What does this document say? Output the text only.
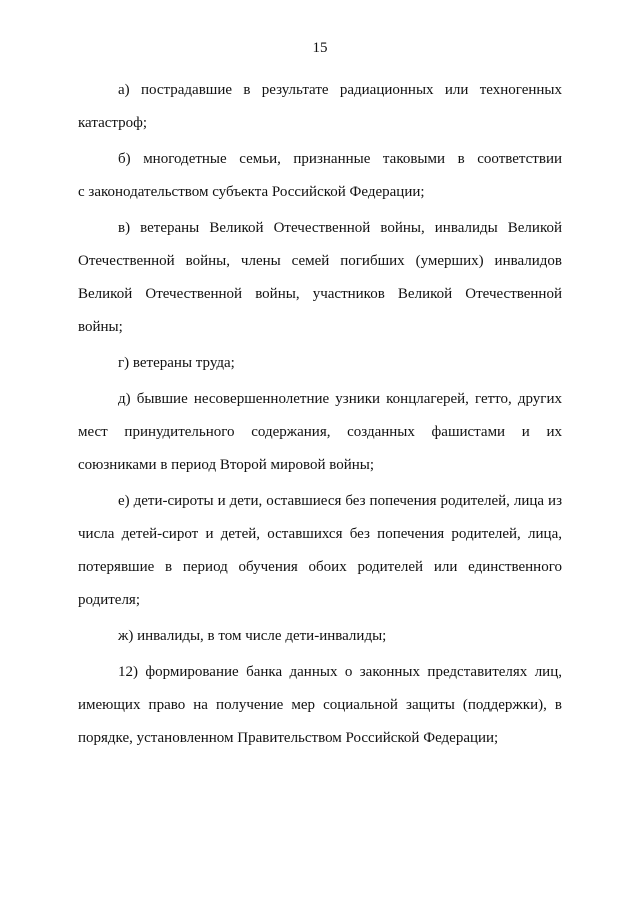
15
а) пострадавшие в результате радиационных или техногенных
катастроф;
б) многодетные семьи, признанные таковыми в соответствии
с законодательством субъекта Российской Федерации;
в) ветераны Великой Отечественной войны, инвалиды Великой
Отечественной войны, члены семей погибших (умерших) инвалидов
Великой Отечественной войны, участников Великой Отечественной
войны;
г) ветераны труда;
д) бывшие несовершеннолетние узники концлагерей, гетто, других
мест принудительного содержания, созданных фашистами и их
союзниками в период Второй мировой войны;
е) дети-сироты и дети, оставшиеся без попечения родителей, лица из
числа детей-сирот и детей, оставшихся без попечения родителей, лица,
потерявшие в период обучения обоих родителей или единственного
родителя;
ж) инвалиды, в том числе дети-инвалиды;
12) формирование банка данных о законных представителях лиц,
имеющих право на получение мер социальной защиты (поддержки), в
порядке, установленном Правительством Российской Федерации;
